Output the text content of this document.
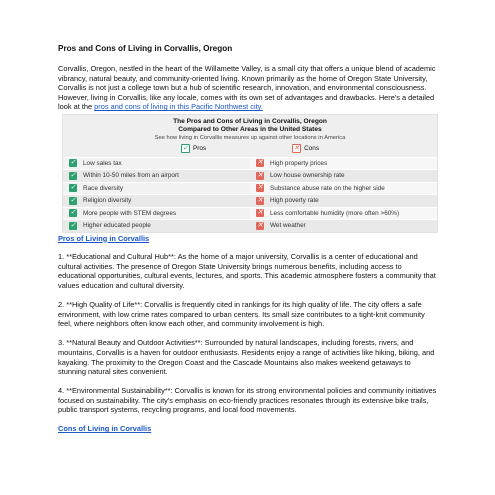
Pros and Cons of Living in Corvallis, Oregon

Corvallis, Oregon, nestled in the heart of the Willamette Valley, is a small city that offers a unique blend of academic vibrancy, natural beauty, and community-oriented living. Known primarily as the home of Oregon State University, Corvallis is not just a college town but a hub of scientific research, innovation, and environmental consciousness. However, living in Corvallis, like any locale, comes with its own set of advantages and drawbacks. Here's a detailed look at the pros and cons of living in this Pacific Northwest city.

The Pros and Cons of Living in Corvallis, Oregon
Compared to Other Areas in the United States
See how living in Corvallis measures up against other locations in America
✓ Pros	✕ Cons
✓ Low sales tax
✓ Within 10-50 miles from an airport
✓ Race diversity
✓ Religion diversity
✓ More people with STEM degrees
✓ Higher educated people
✕ High property prices
✕ Low house ownership rate
✕ Substance abuse rate on the higher side
✕ High poverty rate
✕ Less comfortable humidity (more often >60%)
✕ Wet weather
Pros of Living in Corvallis

1. **Educational and Cultural Hub**: As the home of a major university, Corvallis is a center of educational and cultural activities. The presence of Oregon State University brings numerous benefits, including access to educational opportunities, cultural events, lectures, and sports. This academic atmosphere fosters a community that values education and cultural diversity.

2. **High Quality of Life**: Corvallis is frequently cited in rankings for its high quality of life. The city offers a safe environment, with low crime rates compared to urban centers. Its small size contributes to a tight-knit community feel, where neighbors often know each other, and community involvement is high.

3. **Natural Beauty and Outdoor Activities**: Surrounded by natural landscapes, including forests, rivers, and mountains, Corvallis is a haven for outdoor enthusiasts. Residents enjoy a range of activities like hiking, biking, and kayaking. The proximity to the Oregon Coast and the Cascade Mountains also makes weekend getaways to stunning natural sites convenient.

4. **Environmental Sustainability**: Corvallis is known for its strong environmental policies and community initiatives focused on sustainability. The city's emphasis on eco-friendly practices resonates through its extensive bike trails, public transport systems, recycling programs, and local food movements.

Cons of Living in Corvallis
